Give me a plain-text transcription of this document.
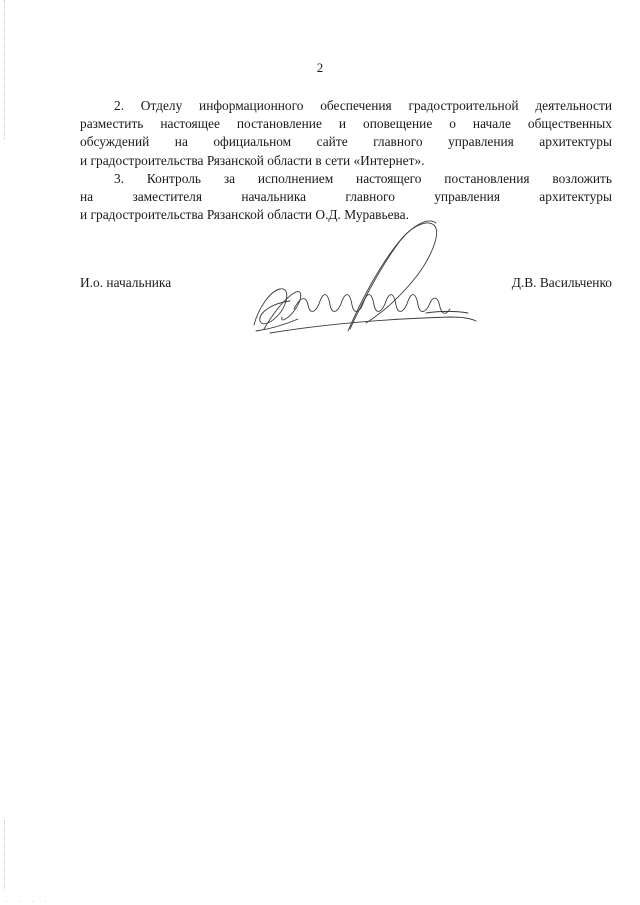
. . . .
2
2. Отделу информационного обеспечения градостроительной деятельности
разместить настоящее постановление и оповещение о начале общественных
обсуждений на официальном сайте главного управления архитектуры
и градостроительства Рязанской области в сети «Интернет».
3. Контроль за исполнением настоящего постановления возложить
на заместителя начальника главного управления архитектуры
и градостроительства Рязанской области О.Д. Муравьева.
И.о. начальника	Д.В. Васильченко
